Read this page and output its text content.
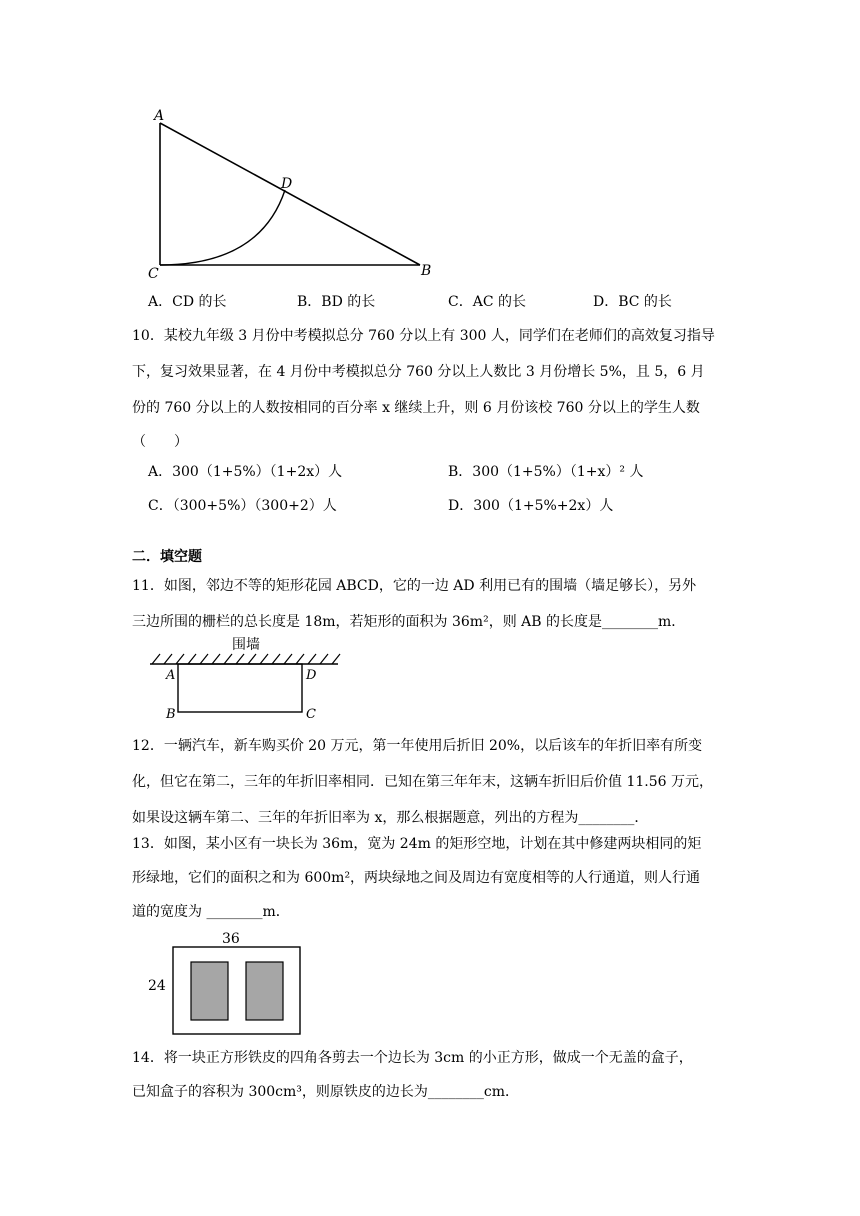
A
D
C	B
A．CD 的长	B．BD 的长	C．AC 的长	D．BC 的长
10．某校九年级 3 月份中考模拟总分 760 分以上有 300 人，同学们在老师们的高效复习指导
下，复习效果显著，在 4 月份中考模拟总分 760 分以上人数比 3 月份增长 5%，且 5，6 月
份的 760 分以上的人数按相同的百分率 x 继续上升，则 6 月份该校 760 分以上的学生人数
（　　）
A．300（1+5%）（1+2x）人	B．300（1+5%）（1+x）² 人
C．（300+5%）（300+2）人	D．300（1+5%+2x）人
二．填空题
11．如图，邻边不等的矩形花园 ABCD，它的一边 AD 利用已有的围墙（墙足够长），另外
三边所围的栅栏的总长度是 18m，若矩形的面积为 36m²，则 AB 的长度是________m．
围墙
A	D
B	C
12．一辆汽车，新车购买价 20 万元，第一年使用后折旧 20%，以后该车的年折旧率有所变
化，但它在第二，三年的年折旧率相同．已知在第三年年末，这辆车折旧后价值 11.56 万元，
如果设这辆车第二、三年的年折旧率为 x，那么根据题意，列出的方程为________．
13．如图，某小区有一块长为 36m，宽为 24m 的矩形空地，计划在其中修建两块相同的矩
形绿地，它们的面积之和为 600m²，两块绿地之间及周边有宽度相等的人行通道，则人行通
道的宽度为 ________m．
36
24
14．将一块正方形铁皮的四角各剪去一个边长为 3cm 的小正方形，做成一个无盖的盒子，
已知盒子的容积为 300cm³，则原铁皮的边长为________cm．
